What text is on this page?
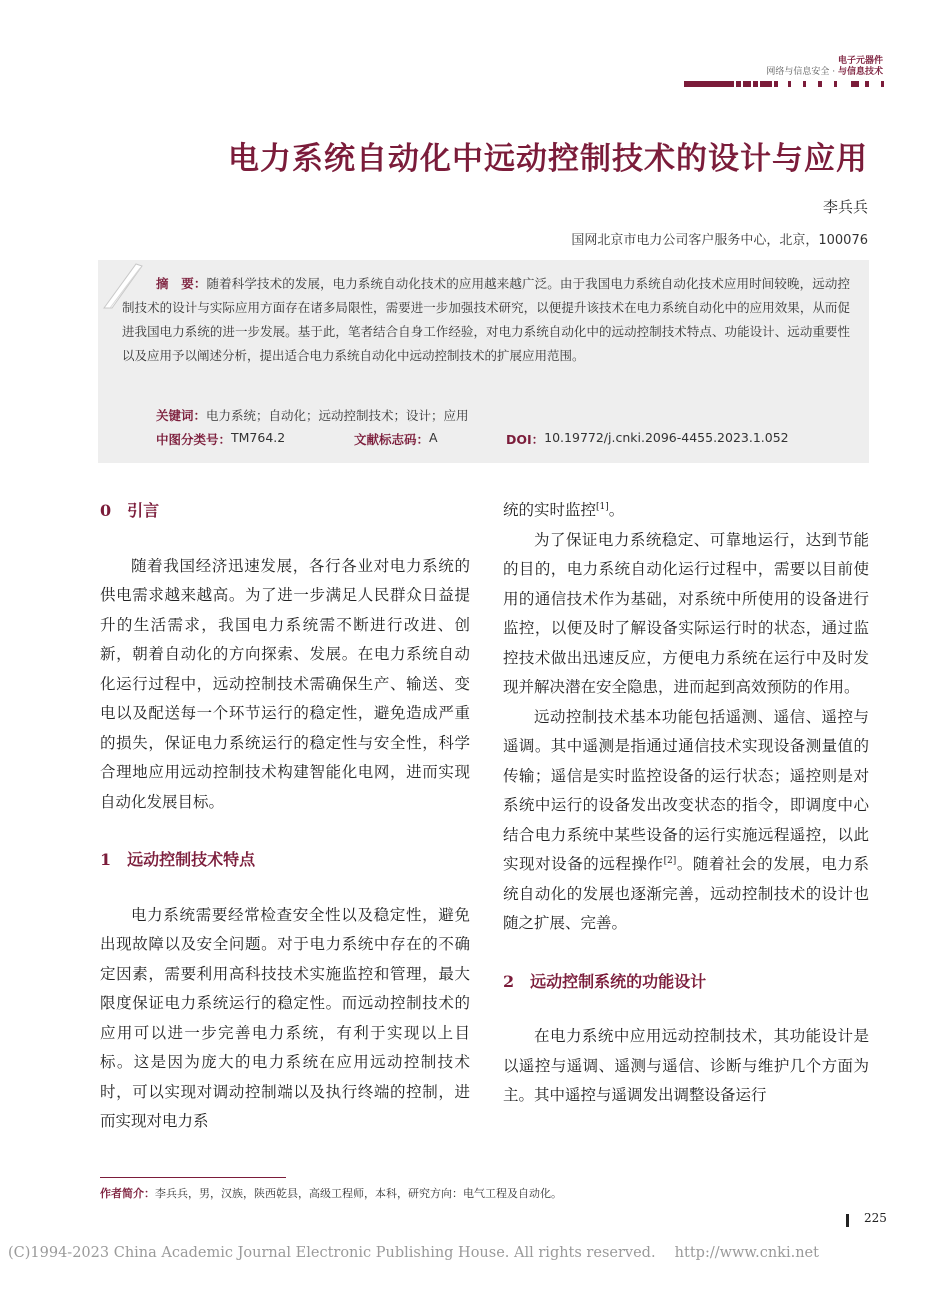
电子元器件
网络与信息安全 · 与信息技术
电力系统自动化中远动控制技术的设计与应用
李兵兵
国网北京市电力公司客户服务中心，北京，100076
摘　要：随着科学技术的发展，电力系统自动化技术的应用越来越广泛。由于我国电力系统自动化技术应用时间较晚，远动控制技术的设计与实际应用方面存在诸多局限性，需要进一步加强技术研究，以便提升该技术在电力系统自动化中的应用效果，从而促进我国电力系统的进一步发展。基于此，笔者结合自身工作经验，对电力系统自动化中的远动控制技术特点、功能设计、远动重要性以及应用予以阐述分析，提出适合电力系统自动化中远动控制技术的扩展应用范围。
关键词：电力系统；自动化；远动控制技术；设计；应用
中图分类号： TM764.2	文献标志码： A	DOI： 10.19772/j.cnki.2096-4455.2023.1.052

0　引言

随着我国经济迅速发展，各行各业对电力系统的供电需求越来越高。为了进一步满足人民群众日益提升的生活需求，我国电力系统需不断进行改进、创新，朝着自动化的方向探索、发展。在电力系统自动化运行过程中，远动控制技术需确保生产、输送、变电以及配送每一个环节运行的稳定性，避免造成严重的损失，保证电力系统运行的稳定性与安全性，科学合理地应用远动控制技术构建智能化电网，进而实现自动化发展目标。

1　远动控制技术特点

电力系统需要经常检查安全性以及稳定性，避免出现故障以及安全问题。对于电力系统中存在的不确定因素，需要利用高科技技术实施监控和管理，最大限度保证电力系统运行的稳定性。而远动控制技术的应用可以进一步完善电力系统，有利于实现以上目标。这是因为庞大的电力系统在应用远动控制技术时，可以实现对调动控制端以及执行终端的控制，进而实现对电力系

统的实时监控[1]。

为了保证电力系统稳定、可靠地运行，达到节能的目的，电力系统自动化运行过程中，需要以目前使用的通信技术作为基础，对系统中所使用的设备进行监控，以便及时了解设备实际运行时的状态，通过监控技术做出迅速反应，方便电力系统在运行中及时发现并解决潜在安全隐患，进而起到高效预防的作用。

远动控制技术基本功能包括遥测、遥信、遥控与遥调。其中遥测是指通过通信技术实现设备测量值的传输；遥信是实时监控设备的运行状态；遥控则是对系统中运行的设备发出改变状态的指令，即调度中心结合电力系统中某些设备的运行实施远程遥控，以此实现对设备的远程操作[2]。随着社会的发展，电力系统自动化的发展也逐渐完善，远动控制技术的设计也随之扩展、完善。

2　远动控制系统的功能设计

在电力系统中应用远动控制技术，其功能设计是以遥控与遥调、遥测与遥信、诊断与维护几个方面为主。其中遥控与遥调发出调整设备运行

作者简介：李兵兵，男，汉族，陕西乾县，高级工程师，本科，研究方向：电气工程及自动化。
225
(C)1994-2023 China Academic Journal Electronic Publishing House. All rights reserved.　 http://www.cnki.net
